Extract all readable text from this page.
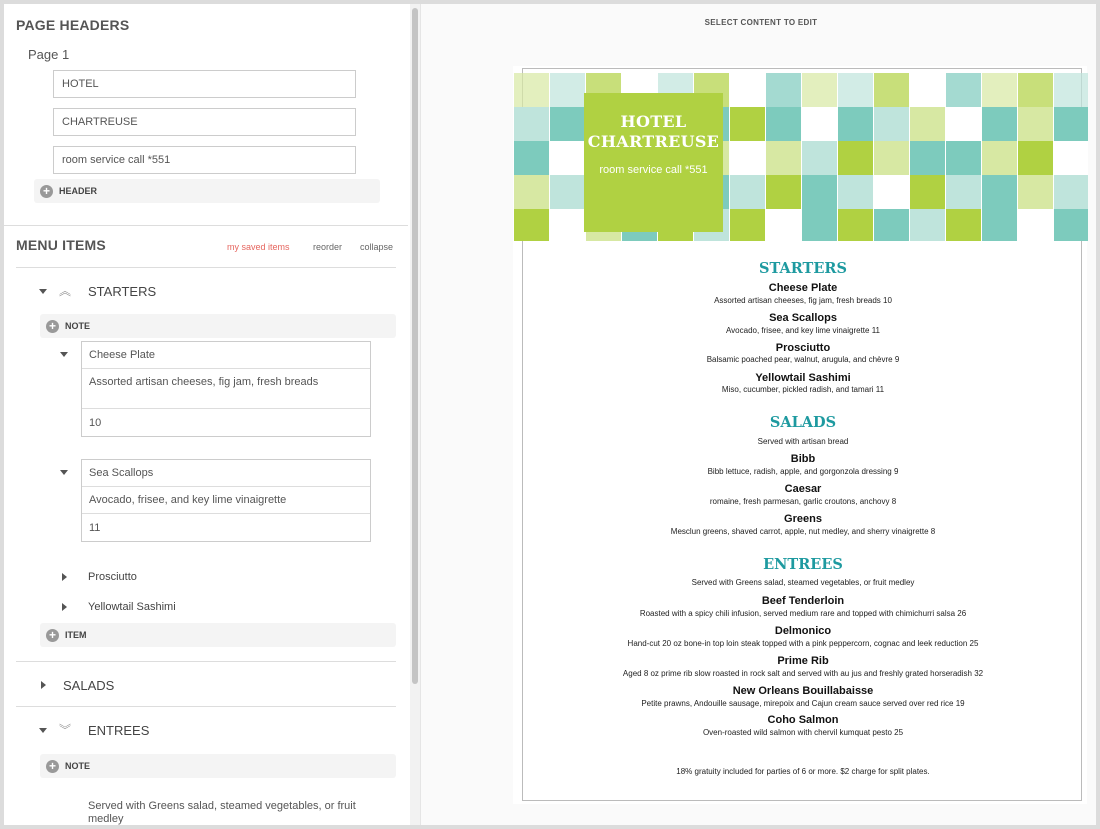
PAGE HEADERS
Page 1
HOTEL
CHARTREUSE
room service call *551
+	HEADER
MENU ITEMS	my saved items	reorder collapse
︽ STARTERS
+	NOTE
Cheese Plate
Assorted artisan cheeses, fig jam, fresh breads
10
Sea Scallops
Avocado, frisee, and key lime vinaigrette
11
Prosciutto
Yellowtail Sashimi
+	ITEM
SALADS
︾ ENTREES
+	NOTE
Served with Greens salad, steamed vegetables, or fruit medley
SELECT CONTENT TO EDIT
HOTEL
CHARTREUSE

room service call *551

STARTERS
Cheese Plate
Assorted artisan cheeses, fig jam, fresh breads 10
Sea Scallops
Avocado, frisee, and key lime vinaigrette 11
Prosciutto
Balsamic poached pear, walnut, arugula, and chèvre 9
Yellowtail Sashimi
Miso, cucumber, pickled radish, and tamari 11
SALADS
Served with artisan bread
Bibb
Bibb lettuce, radish, apple, and gorgonzola dressing 9
Caesar
romaine, fresh parmesan, garlic croutons, anchovy 8
Greens
Mesclun greens, shaved carrot, apple, nut medley, and sherry vinaigrette 8
ENTREES
Served with Greens salad, steamed vegetables, or fruit medley
Beef Tenderloin
Roasted with a spicy chili infusion, served medium rare and topped with chimichurri salsa 26
Delmonico
Hand-cut 20 oz bone-in top loin steak topped with a pink peppercorn, cognac and leek reduction 25
Prime Rib
Aged 8 oz prime rib slow roasted in rock salt and served with au jus and freshly grated horseradish 32
New Orleans Bouillabaisse
Petite prawns, Andouille sausage, mirepoix and Cajun cream sauce served over red rice 19
Coho Salmon
Oven-roasted wild salmon with chervil kumquat pesto 25
18% gratuity included for parties of 6 or more. $2 charge for split plates.
